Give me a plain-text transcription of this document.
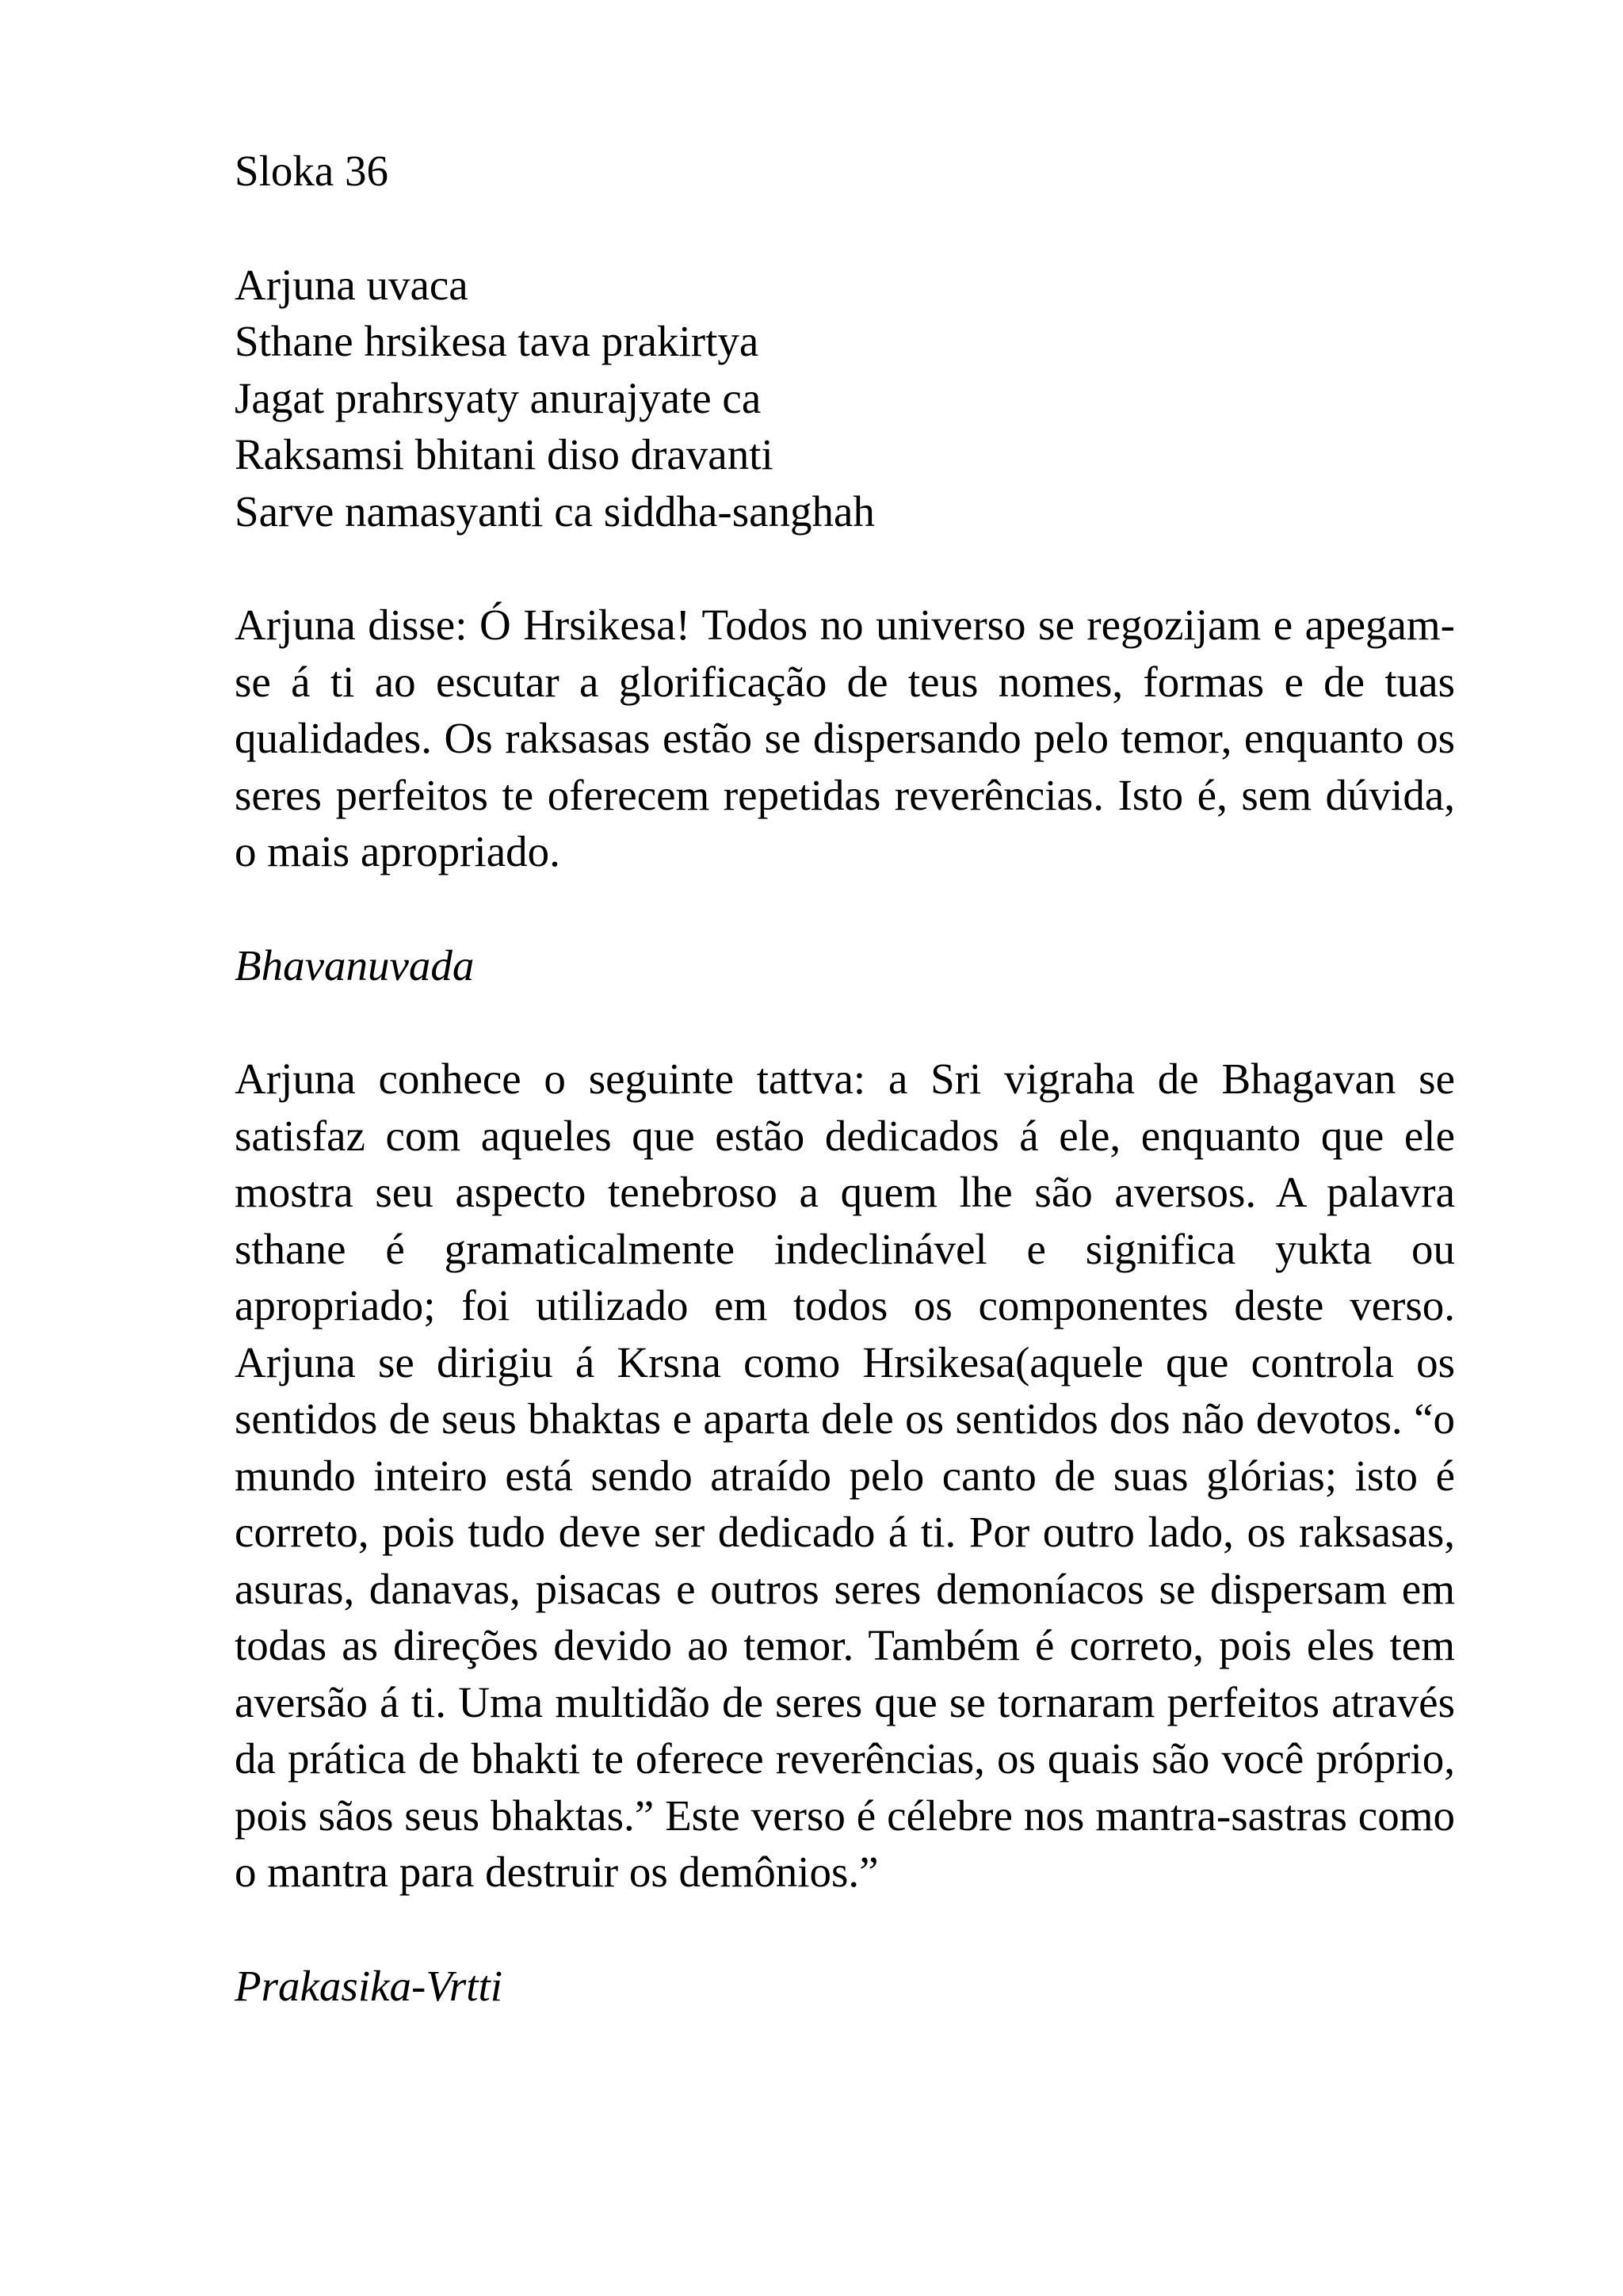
Sloka 36
Arjuna uvaca
Sthane hrsikesa tava prakirtya
Jagat prahrsyaty anurajyate ca
Raksamsi bhitani diso dravanti
Sarve namasyanti ca siddha-sanghah

Arjuna disse: Ó Hrsikesa! Todos no universo se regozijam e apegam-se á ti ao escutar a glorificação de teus nomes, formas e de tuas qualidades. Os raksasas estão se dispersando pelo temor, enquanto os seres perfeitos te oferecem repetidas reverências. Isto é, sem dúvida, o mais apropriado.

Bhavanuvada

Arjuna conhece o seguinte tattva: a Sri vigraha de Bhagavan se satisfaz com aqueles que estão dedicados á ele, enquanto que ele mostra seu aspecto tenebroso a quem lhe são aversos. A palavra sthane é gramaticalmente indeclinável e significa yukta ou apropriado; foi utilizado em todos os componentes deste verso. Arjuna se dirigiu á Krsna como Hrsikesa(aquele que controla os sentidos de seus bhaktas e aparta dele os sentidos dos não devotos. “o mundo inteiro está sendo atraído pelo canto de suas glórias; isto é correto, pois tudo deve ser dedicado á ti. Por outro lado, os raksasas, asuras, danavas, pisacas e outros seres demoníacos se dispersam em todas as direções devido ao temor. Também é correto, pois eles tem aversão á ti. Uma multidão de seres que se tornaram perfeitos através da prática de bhakti te oferece reverências, os quais são você próprio, pois sãos seus bhaktas.” Este verso é célebre nos mantra-sastras como o mantra para destruir os demônios.”

Prakasika-Vrtti
